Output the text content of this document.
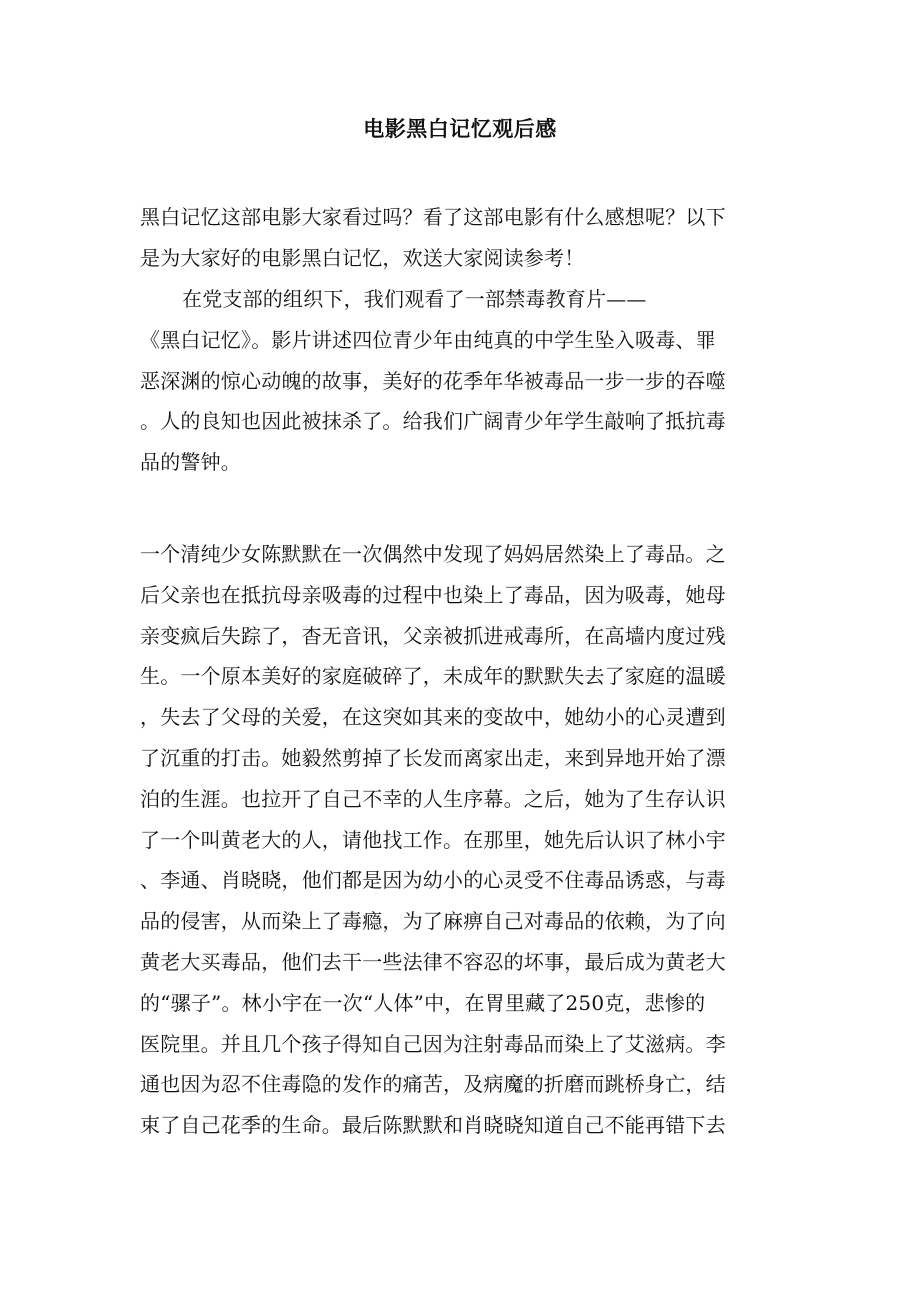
电影黑白记忆观后感

黑白记忆这部电影大家看过吗？看了这部电影有什么感想呢？以下
是为大家好的电影黑白记忆，欢送大家阅读参考！

在党支部的组织下，我们观看了一部禁毒教育片——
《黑白记忆》。影片讲述四位青少年由纯真的中学生坠入吸毒、罪
恶深渊的惊心动魄的故事，美好的花季年华被毒品一步一步的吞噬
。人的良知也因此被抹杀了。给我们广阔青少年学生敲响了抵抗毒
品的警钟。

一个清纯少女陈默默在一次偶然中发现了妈妈居然染上了毒品。之
后父亲也在抵抗母亲吸毒的过程中也染上了毒品，因为吸毒，她母
亲变疯后失踪了，杳无音讯，父亲被抓进戒毒所，在高墙内度过残
生。一个原本美好的家庭破碎了，未成年的默默失去了家庭的温暖
，失去了父母的关爱，在这突如其来的变故中，她幼小的心灵遭到
了沉重的打击。她毅然剪掉了长发而离家出走，来到异地开始了漂
泊的生涯。也拉开了自己不幸的人生序幕。之后，她为了生存认识
了一个叫黄老大的人，请他找工作。在那里，她先后认识了林小宇
、李通、肖晓晓，他们都是因为幼小的心灵受不住毒品诱惑，与毒
品的侵害，从而染上了毒瘾，为了麻痹自己对毒品的依赖，为了向
黄老大买毒品，他们去干一些法律不容忍的坏事，最后成为黄老大
的“骡子”。林小宇在一次“人体”中，在胃里藏了250克，悲惨的
医院里。并且几个孩子得知自己因为注射毒品而染上了艾滋病。李
通也因为忍不住毒隐的发作的痛苦，及病魔的折磨而跳桥身亡，结
束了自己花季的生命。最后陈默默和肖晓晓知道自己不能再错下去
